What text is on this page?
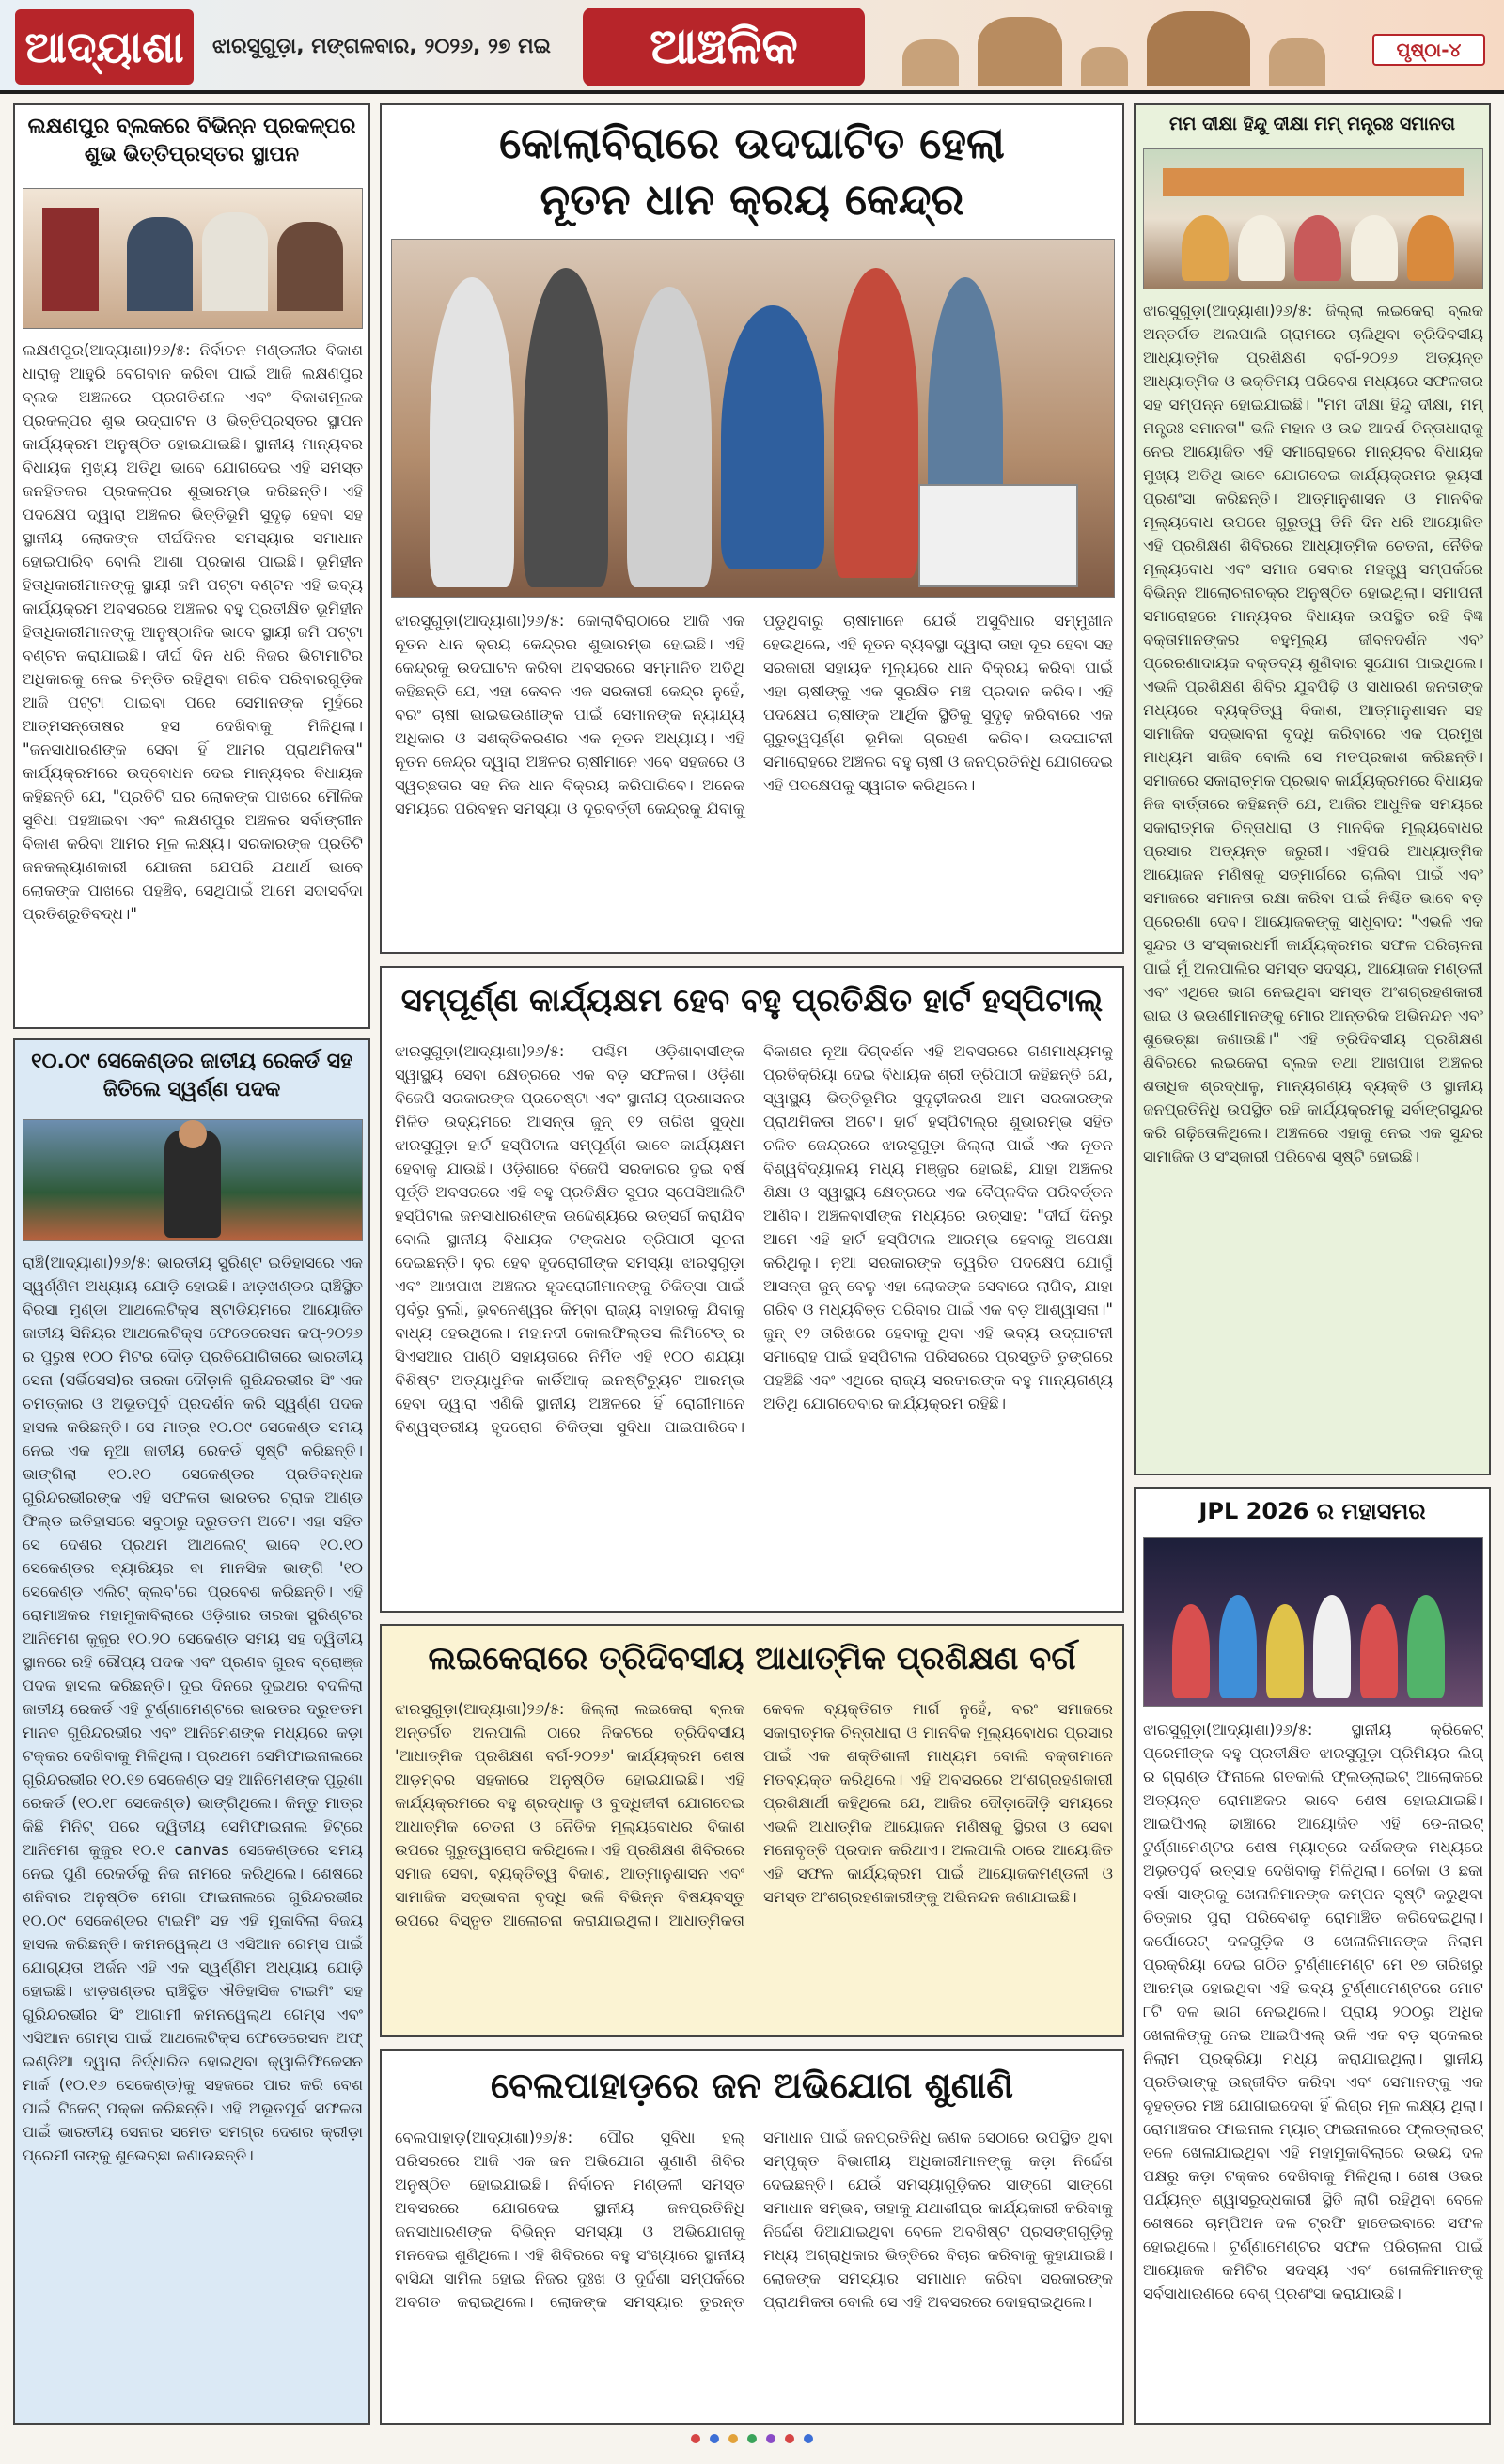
ଆଦ୍ୟାଶା	ଝାରସୁଗୁଡ଼ା, ମଙ୍ଗଳବାର, ୨୦୨୬, ୨୭ ମଇ	ଆଞ୍ଚଳିକ	ପୃଷ୍ଠା-୪
ଲକ୍ଷଣପୁର ବ୍ଲକରେ ବିଭିନ୍ନ ପ୍ରକଳ୍ପର ଶୁଭ ଭିତ୍ତିପ୍ରସ୍ତର ସ୍ଥାପନ
ଲକ୍ଷଣପୁର(ଆଦ୍ୟାଶା)୨୬/୫: ନିର୍ବାଚନ ମଣ୍ଡଳୀର ବିକାଶ ଧାରାକୁ ଆହୁରି ବେଗବାନ କରିବା ପାଇଁ ଆଜି ଲକ୍ଷଣପୁର ବ୍ଲକ ଅଞ୍ଚଳରେ ପ୍ରଗତିଶୀଳ ଏବଂ ବିକାଶମୂଳକ ପ୍ରକଳ୍ପର ଶୁଭ ଉଦ୍‌ଘାଟନ ଓ ଭିତ୍ତିପ୍ରସ୍ତର ସ୍ଥାପନ କାର୍ଯ୍ୟକ୍ରମ ଅନୁଷ୍ଠିତ ହୋଇଯାଇଛି। ସ୍ଥାନୀୟ ମାନ୍ୟବର ବିଧାୟକ ମୁଖ୍ୟ ଅତିଥି ଭାବେ ଯୋଗଦେଇ ଏହି ସମସ୍ତ ଜନହିତକର ପ୍ରକଳ୍ପର ଶୁଭାରମ୍ଭ କରିଛନ୍ତି। ଏହି ପଦକ୍ଷେପ ଦ୍ୱାରା ଅଞ୍ଚଳର ଭିତ୍ତିଭୂମି ସୁଦୃଢ଼ ହେବା ସହ ସ୍ଥାନୀୟ ଲୋକଙ୍କ ଦୀର୍ଘଦିନର ସମସ୍ୟାର ସମାଧାନ ହୋଇପାରିବ ବୋଲି ଆଶା ପ୍ରକାଶ ପାଇଛି। ଭୂମିହୀନ ହିତାଧିକାରୀମାନଙ୍କୁ ସ୍ଥାୟୀ ଜମି ପଟ୍ଟା ବଣ୍ଟନ ଏହି ଭବ୍ୟ କାର୍ଯ୍ୟକ୍ରମ ଅବସରରେ ଅଞ୍ଚଳର ବହୁ ପ୍ରତୀକ୍ଷିତ ଭୂମିହୀନ ହିତାଧିକାରୀମାନଙ୍କୁ ଆନୁଷ୍ଠାନିକ ଭାବେ ସ୍ଥାୟୀ ଜମି ପଟ୍ଟା ବଣ୍ଟନ କରାଯାଇଛି। ଦୀର୍ଘ ଦିନ ଧରି ନିଜର ଭିଟାମାଟିର ଅଧିକାରକୁ ନେଇ ଚିନ୍ତିତ ରହିଥିବା ଗରିବ ପରିବାରଗୁଡ଼ିକ ଆଜି ପଟ୍ଟା ପାଇବା ପରେ ସେମାନଙ୍କ ମୁହଁରେ ଆତ୍ମସନ୍ତୋଷର ହସ ଦେଖିବାକୁ ମିଳିଥିଲା। "ଜନସାଧାରଣଙ୍କ ସେବା ହିଁ ଆମର ପ୍ରାଥମିକତା" କାର୍ଯ୍ୟକ୍ରମରେ ଉଦ୍‌ବୋଧନ ଦେଇ ମାନ୍ୟବର ବିଧାୟକ କହିଛନ୍ତି ଯେ, "ପ୍ରତିଟି ଘର ଲୋକଙ୍କ ପାଖରେ ମୌଳିକ ସୁବିଧା ପହଞ୍ଚାଇବା ଏବଂ ଲକ୍ଷଣପୁର ଅଞ୍ଚଳର ସର୍ବାଙ୍ଗୀନ ବିକାଶ କରିବା ଆମର ମୂଳ ଲକ୍ଷ୍ୟ। ସରକାରଙ୍କ ପ୍ରତିଟି ଜନକଲ୍ୟାଣକାରୀ ଯୋଜନା ଯେପରି ଯଥାର୍ଥ ଭାବେ ଲୋକଙ୍କ ପାଖରେ ପହଞ୍ଚିବ, ସେଥିପାଇଁ ଆମେ ସଦାସର୍ବଦା ପ୍ରତିଶ୍ରୁତିବଦ୍ଧ।"
୧୦.୦୯ ସେକେଣ୍ଡର ଜାତୀୟ ରେକର୍ଡ ସହ ଜିତିଲେ ସ୍ୱର୍ଣ୍ଣ ପଦକ
ରାଞ୍ଚି(ଆଦ୍ୟାଶା)୨୬/୫: ଭାରତୀୟ ସ୍ପ୍ରିଣ୍ଟ ଇତିହାସରେ ଏକ ସ୍ୱର୍ଣ୍ଣିମ ଅଧ୍ୟାୟ ଯୋଡ଼ି ହୋଇଛି। ଝାଡ଼ଖଣ୍ଡର ରାଞ୍ଚିସ୍ଥିତ ବିରସା ମୁଣ୍ଡା ଆଥଲେଟିକ୍ସ ଷ୍ଟାଡିୟମରେ ଆୟୋଜିତ ଜାତୀୟ ସିନିୟର ଆଥଲେଟିକ୍ସ ଫେଡେରେସନ କପ୍-୨୦୨୬ ର ପୁରୁଷ ୧୦୦ ମିଟର ଦୌଡ଼ ପ୍ରତିଯୋଗିତାରେ ଭାରତୀୟ ସେନା (ସର୍ଭିସେସ)ର ତାରକା ଦୌଡ଼ାଳି ଗୁରିନ୍ଦରଭୀର ସିଂ ଏକ ଚମତ୍କାର ଓ ଅଭୂତପୂର୍ବ ପ୍ରଦର୍ଶନ କରି ସ୍ୱର୍ଣ୍ଣ ପଦକ ହାସଲ କରିଛନ୍ତି। ସେ ମାତ୍ର ୧୦.୦୯ ସେକେଣ୍ଡ ସମୟ ନେଇ ଏକ ନୂଆ ଜାତୀୟ ରେକର୍ଡ ସୃଷ୍ଟି କରିଛନ୍ତି। ଭାଙ୍ଗିଲା ୧୦.୧୦ ସେକେଣ୍ଡର ପ୍ରତିବନ୍ଧକ ଗୁରିନ୍ଦରଭୀରଙ୍କ ଏହି ସଫଳତା ଭାରତର ଟ୍ରାକ ଆଣ୍ଡ ଫିଲ୍ଡ ଇତିହାସରେ ସବୁଠାରୁ ଦ୍ରୁତତମ ଅଟେ। ଏହା ସହିତ ସେ ଦେଶର ପ୍ରଥମ ଆଥଲେଟ୍ ଭାବେ ୧୦.୧୦ ସେକେଣ୍ଡର ବ୍ୟାରିୟର ବା ମାନସିକ ଭାଙ୍ଗି '୧୦ ସେକେଣ୍ଡ ଏଲିଟ୍ କ୍ଲବ'ରେ ପ୍ରବେଶ କରିଛନ୍ତି। ଏହି ରୋମାଞ୍ଚକର ମହାମୁକାବିଲାରେ ଓଡ଼ିଶାର ତାରକା ସ୍ପ୍ରିଣ୍ଟର ଆନିମେଶ କୁଜୁର ୧୦.୨୦ ସେକେଣ୍ଡ ସମୟ ସହ ଦ୍ୱିତୀୟ ସ୍ଥାନରେ ରହି ରୌପ୍ୟ ପଦକ ଏବଂ ପ୍ରଣବ ଗୁରବ ବ୍ରୋଞ୍ଜ ପଦକ ହାସଲ କରିଛନ୍ତି। ଦୁଇ ଦିନରେ ଦୁଇଥର ବଦଳିଲା ଜାତୀୟ ରେକର୍ଡ ଏହି ଟୁର୍ଣ୍ଣାମେଣ୍ଟରେ ଭାରତର ଦ୍ରୁତତମ ମାନବ ଗୁରିନ୍ଦରଭୀର ଏବଂ ଆନିମେଶଙ୍କ ମଧ୍ୟରେ କଡ଼ା ଟକ୍କର ଦେଖିବାକୁ ମିଳିଥିଲା। ପ୍ରଥମେ ସେମିଫାଇନାଲରେ ଗୁରିନ୍ଦରଭୀର ୧୦.୧୭ ସେକେଣ୍ଡ ସହ ଆନିମେଶଙ୍କ ପୁରୁଣା ରେକର୍ଡ (୧୦.୧୮ ସେକେଣ୍ଡ) ଭାଙ୍ଗିଥିଲେ। କିନ୍ତୁ ମାତ୍ର କିଛି ମିନିଟ୍ ପରେ ଦ୍ୱିତୀୟ ସେମିଫାଇନାଲ ହିଟ୍‌ରେ ଆନିମେଶ କୁଜୁର ୧୦.୧ canvas ସେକେଣ୍ଡରେ ସମୟ ନେଇ ପୁଣି ରେକର୍ଡକୁ ନିଜ ନାମରେ କରିଥିଲେ। ଶେଷରେ ଶନିବାର ଅନୁଷ୍ଠିତ ମେଗା ଫାଇନାଲରେ ଗୁରିନ୍ଦରଭୀର ୧୦.୦୯ ସେକେଣ୍ଡର ଟାଇମିଂ ସହ ଏହି ମୁକାବିଲା ବିଜୟ ହାସଲ କରିଛନ୍ତି। କମନୱେଲ୍ଥ ଓ ଏସିଆନ ଗେମ୍ସ ପାଇଁ ଯୋଗ୍ୟତା ଅର୍ଜନ ଏହି ଏକ ସ୍ୱର୍ଣ୍ଣିମ ଅଧ୍ୟାୟ ଯୋଡ଼ି ହୋଇଛି। ଝାଡ଼ଖଣ୍ଡର ରାଞ୍ଚିସ୍ଥିତ ଐତିହାସିକ ଟାଇମିଂ ସହ ଗୁରିନ୍ଦରଭୀର ସିଂ ଆଗାମୀ କମନୱେଲ୍ଥ ଗେମ୍ସ ଏବଂ ଏସିଆନ ଗେମ୍ସ ପାଇଁ ଆଥଲେଟିକ୍ସ ଫେଡେରେସନ ଅଫ୍ ଇଣ୍ଡିଆ ଦ୍ୱାରା ନିର୍ଦ୍ଧାରିତ ହୋଇଥିବା କ୍ୱାଲିଫିକେସନ ମାର୍କ (୧୦.୧୬ ସେକେଣ୍ଡ)କୁ ସହଜରେ ପାର କରି ବେଶ ପାଇଁ ଟିକେଟ୍ ପକ୍କା କରିଛନ୍ତି। ଏହି ଅଭୂତପୂର୍ବ ସଫଳତା ପାଇଁ ଭାରତୀୟ ସେନାର ସମେତ ସମଗ୍ର ଦେଶର କ୍ରୀଡ଼ା ପ୍ରେମୀ ତାଙ୍କୁ ଶୁଭେଚ୍ଛା ଜଣାଉଛନ୍ତି।
କୋଲାବିରାରେ ଉଦଘାଟିତ ହେଲା
ନୂତନ ଧାନ କ୍ରୟ କେନ୍ଦ୍ର
ଝାରସୁଗୁଡ଼ା(ଆଦ୍ୟାଶା)୨୬/୫: କୋଲାବିରାଠାରେ ଆଜି ଏକ ନୂତନ ଧାନ କ୍ରୟ କେନ୍ଦ୍ରର ଶୁଭାରମ୍ଭ ହୋଇଛି। ଏହି କେନ୍ଦ୍ରକୁ ଉଦଘାଟନ କରିବା ଅବସରରେ ସମ୍ମାନିତ ଅତିଥି କହିଛନ୍ତି ଯେ, ଏହା କେବଳ ଏକ ସରକାରୀ କେନ୍ଦ୍ର ନୁହେଁ, ବରଂ ଚାଷୀ ଭାଇଭଉଣୀଙ୍କ ପାଇଁ ସେମାନଙ୍କ ନ୍ୟାଯ୍ୟ ଅଧିକାର ଓ ସଶକ୍ତିକରଣର ଏକ ନୂତନ ଅଧ୍ୟାୟ। ଏହି ନୂତନ କେନ୍ଦ୍ର ଦ୍ୱାରା ଅଞ୍ଚଳର ଚାଷୀମାନେ ଏବେ ସହଜରେ ଓ ସ୍ୱଚ୍ଛତାର ସହ ନିଜ ଧାନ ବିକ୍ରୟ କରିପାରିବେ। ଅନେକ ସମୟରେ ପରିବହନ ସମସ୍ୟା ଓ ଦୂରବର୍ତ୍ତୀ କେନ୍ଦ୍ରକୁ ଯିବାକୁ ପଡୁଥିବାରୁ ଚାଷୀମାନେ ଯେଉଁ ଅସୁବିଧାର ସମ୍ମୁଖୀନ ହେଉଥିଲେ, ଏହି ନୂତନ ବ୍ୟବସ୍ଥା ଦ୍ୱାରା ତାହା ଦୂର ହେବା ସହ ସରକାରୀ ସହାୟକ ମୂଲ୍ୟରେ ଧାନ ବିକ୍ରୟ କରିବା ପାଇଁ ଏହା ଚାଷୀଙ୍କୁ ଏକ ସୁରକ୍ଷିତ ମଞ୍ଚ ପ୍ରଦାନ କରିବ। ଏହି ପଦକ୍ଷେପ ଚାଷୀଙ୍କ ଆର୍ଥିକ ସ୍ଥିତିକୁ ସୁଦୃଢ଼ କରିବାରେ ଏକ ଗୁରୁତ୍ୱପୂର୍ଣ୍ଣ ଭୂମିକା ଗ୍ରହଣ କରିବ। ଉଦଘାଟନୀ ସମାରୋହରେ ଅଞ୍ଚଳର ବହୁ ଚାଷୀ ଓ ଜନପ୍ରତିନିଧି ଯୋଗଦେଇ ଏହି ପଦକ୍ଷେପକୁ ସ୍ୱାଗତ କରିଥିଲେ।
ସମ୍ପୂର୍ଣ୍ଣ କାର୍ଯ୍ୟକ୍ଷମ ହେବ ବହୁ ପ୍ରତିକ୍ଷିତ ହାର୍ଟ ହସ୍ପିଟାଲ୍
ଝାରସୁଗୁଡ଼ା(ଆଦ୍ୟାଶା)୨୬/୫: ପଶ୍ଚିମ ଓଡ଼ିଶାବାସୀଙ୍କ ସ୍ୱାସ୍ଥ୍ୟ ସେବା କ୍ଷେତ୍ରରେ ଏକ ବଡ଼ ସଫଳତା। ଓଡ଼ିଶା ବିଜେପି ସରକାରଙ୍କ ପ୍ରଚେଷ୍ଟା ଏବଂ ସ୍ଥାନୀୟ ପ୍ରଶାସନର ମିଳିତ ଉଦ୍ୟମରେ ଆସନ୍ତା ଜୁନ୍ ୧୨ ତାରିଖ ସୁଦ୍ଧା ଝାରସୁଗୁଡ଼ା ହାର୍ଟ ହସ୍ପିଟାଲ ସମ୍ପୂର୍ଣ୍ଣ ଭାବେ କାର୍ଯ୍ୟକ୍ଷମ ହେବାକୁ ଯାଉଛି। ଓଡ଼ିଶାରେ ବିଜେପି ସରକାରର ଦୁଇ ବର୍ଷ ପୂର୍ତ୍ତି ଅବସରରେ ଏହି ବହୁ ପ୍ରତିକ୍ଷିତ ସୁପର ସ୍ପେସିଆଲିଟି ହସ୍ପିଟାଲ ଜନସାଧାରଣଙ୍କ ଉଦ୍ଦେଶ୍ୟରେ ଉତ୍ସର୍ଗ କରାଯିବ ବୋଲି ସ୍ଥାନୀୟ ବିଧାୟକ ଟଙ୍କଧର ତ୍ରିପାଠୀ ସୂଚନା ଦେଇଛନ୍ତି। ଦୂର ହେବ ହୃଦରୋଗୀଙ୍କ ସମସ୍ୟା ଝାରସୁଗୁଡ଼ା ଏବଂ ଆଖପାଖ ଅଞ୍ଚଳର ହୃଦରୋଗୀମାନଙ୍କୁ ଚିକିତ୍ସା ପାଇଁ ପୂର୍ବରୁ ବୁର୍ଲା, ଭୁବନେଶ୍ୱର କିମ୍ବା ରାଜ୍ୟ ବାହାରକୁ ଯିବାକୁ ବାଧ୍ୟ ହେଉଥିଲେ। ମହାନଦୀ କୋଲଫିଲ୍ଡସ ଲିମିଟେଡ୍ ର ସିଏସଆର ପାଣ୍ଠି ସହାୟତାରେ ନିର୍ମିତ ଏହି ୧୦୦ ଶଯ୍ୟା ବିଶିଷ୍ଟ ଅତ୍ୟାଧୁନିକ କାର୍ଡିଆକ୍ ଇନଷ୍ଟିଚ୍ୟୁଟ ଆରମ୍ଭ ହେବା ଦ୍ୱାରା ଏଣିକି ସ୍ଥାନୀୟ ଅଞ୍ଚଳରେ ହିଁ ରୋଗୀମାନେ ବିଶ୍ୱସ୍ତରୀୟ ହୃଦରୋଗ ଚିକିତ୍ସା ସୁବିଧା ପାଇପାରିବେ। ବିକାଶର ନୂଆ ଦିଗ୍‌ଦର୍ଶନ ଏହି ଅବସରରେ ଗଣମାଧ୍ୟମକୁ ପ୍ରତିକ୍ରିୟା ଦେଇ ବିଧାୟକ ଶ୍ରୀ ତ୍ରିପାଠୀ କହିଛନ୍ତି ଯେ, ସ୍ୱାସ୍ଥ୍ୟ ଭିତ୍ତିଭୂମିର ସୁଦୃଢ଼ୀକରଣ ଆମ ସରକାରଙ୍କ ପ୍ରାଥମିକତା ଅଟେ। ହାର୍ଟ ହସ୍ପିଟାଲ୍‌ର ଶୁଭାରମ୍ଭ ସହିତ ଚଳିତ ଜେନ୍ଦ୍ରରେ ଝାରସୁଗୁଡ଼ା ଜିଲ୍ଲା ପାଇଁ ଏକ ନୂତନ ବିଶ୍ୱବିଦ୍ୟାଳୟ ମଧ୍ୟ ମଞ୍ଜୁର ହୋଇଛି, ଯାହା ଅଞ୍ଚଳର ଶିକ୍ଷା ଓ ସ୍ୱାସ୍ଥ୍ୟ କ୍ଷେତ୍ରରେ ଏକ ବୈପ୍ଳବିକ ପରିବର୍ତ୍ତନ ଆଣିବ। ଅଞ୍ଚଳବାସୀଙ୍କ ମଧ୍ୟରେ ଉତ୍ସାହ: "ଦୀର୍ଘ ଦିନରୁ ଆମେ ଏହି ହାର୍ଟ ହସ୍ପିଟାଲ ଆରମ୍ଭ ହେବାକୁ ଅପେକ୍ଷା କରିଥିଲୁ। ନୂଆ ସରକାରଙ୍କ ତ୍ୱରିତ ପଦକ୍ଷେପ ଯୋଗୁଁ ଆସନ୍ତା ଜୁନ୍ ବେଳୁ ଏହା ଲୋକଙ୍କ ସେବାରେ ଲାଗିବ, ଯାହା ଗରିବ ଓ ମଧ୍ୟବିତ୍ତ ପରିବାର ପାଇଁ ଏକ ବଡ଼ ଆଶ୍ୱାସନା।" ଜୁନ୍ ୧୨ ତାରିଖରେ ହେବାକୁ ଥିବା ଏହି ଭବ୍ୟ ଉଦ୍‌ଘାଟନୀ ସମାରୋହ ପାଇଁ ହସ୍ପିଟାଲ ପରିସରରେ ପ୍ରସ୍ତୁତି ତୁଙ୍ଗରେ ପହଞ୍ଚିଛି ଏବଂ ଏଥିରେ ରାଜ୍ୟ ସରକାରଙ୍କ ବହୁ ମାନ୍ୟଗଣ୍ୟ ଅତିଥି ଯୋଗଦେବାର କାର୍ଯ୍ୟକ୍ରମ ରହିଛି।
ଲଇକେରାରେ ତ୍ରିଦିବସୀୟ ଆଧାତ୍ମିକ ପ୍ରଶିକ୍ଷଣ ବର୍ଗ
ଝାରସୁଗୁଡ଼ା(ଆଦ୍ୟାଶା)୨୬/୫: ଜିଲ୍ଲା ଲଇକେରା ବ୍ଲକ ଅନ୍ତର୍ଗତ ଅଲପାଲି ଠାରେ ନିକଟରେ ତ୍ରିଦିବସୀୟ 'ଆଧାତ୍ମିକ ପ୍ରଶିକ୍ଷଣ ବର୍ଗ-୨୦୨୬' କାର୍ଯ୍ୟକ୍ରମ ଶେଷ ଆଡ଼ମ୍ବର ସହକାରେ ଅନୁଷ୍ଠିତ ହୋଇଯାଇଛି। ଏହି କାର୍ଯ୍ୟକ୍ରମରେ ବହୁ ଶ୍ରଦ୍ଧାଳୁ ଓ ବୁଦ୍ଧିଜୀବୀ ଯୋଗଦେଇ ଆଧାତ୍ମିକ ଚେତନା ଓ ନୈତିକ ମୂଲ୍ୟବୋଧର ବିକାଶ ଉପରେ ଗୁରୁତ୍ୱାରୋପ କରିଥିଲେ। ଏହି ପ୍ରଶିକ୍ଷଣ ଶିବିରରେ ସମାଜ ସେବା, ବ୍ୟକ୍ତିତ୍ୱ ବିକାଶ, ଆତ୍ମାନୁଶାସନ ଏବଂ ସାମାଜିକ ସଦ୍ଭାବନା ବୃଦ୍ଧି ଭଳି ବିଭିନ୍ନ ବିଷୟବସ୍ତୁ ଉପରେ ବିସ୍ତୃତ ଆଲୋଚନା କରାଯାଇଥିଲା। ଆଧାତ୍ମିକତା କେବଳ ବ୍ୟକ୍ତିଗତ ମାର୍ଗ ନୁହେଁ, ବରଂ ସମାଜରେ ସକାରାତ୍ମକ ଚିନ୍ତାଧାରା ଓ ମାନବିକ ମୂଲ୍ୟବୋଧର ପ୍ରସାର ପାଇଁ ଏକ ଶକ୍ତିଶାଳୀ ମାଧ୍ୟମ ବୋଲି ବକ୍ତାମାନେ ମତବ୍ୟକ୍ତ କରିଥିଲେ। ଏହି ଅବସରରେ ଅଂଶଗ୍ରହଣକାରୀ ପ୍ରଶିକ୍ଷାର୍ଥୀ କହିଥିଲେ ଯେ, ଆଜିର ଦୌଡ଼ାଦୌଡ଼ି ସମୟରେ ଏଭଳି ଆଧାତ୍ମିକ ଆୟୋଜନ ମଣିଷକୁ ସ୍ଥିରତା ଓ ସେବା ମନୋବୃତ୍ତି ପ୍ରଦାନ କରିଥାଏ। ଅଲପାଲି ଠାରେ ଆୟୋଜିତ ଏହି ସଫଳ କାର୍ଯ୍ୟକ୍ରମ ପାଇଁ ଆୟୋଜକମଣ୍ଡଳୀ ଓ ସମସ୍ତ ଅଂଶଗ୍ରହଣକାରୀଙ୍କୁ ଅଭିନନ୍ଦନ ଜଣାଯାଇଛି।
ବେଲପାହାଡ଼ରେ ଜନ ଅଭିଯୋଗ ଶୁଣାଣି
ବେଲପାହାଡ଼(ଆଦ୍ୟାଶା)୨୬/୫: ପୌର ସୁବିଧା ହଲ୍ ପରିସରରେ ଆଜି ଏକ ଜନ ଅଭିଯୋଗ ଶୁଣାଣି ଶିବିର ଅନୁଷ୍ଠିତ ହୋଇଯାଇଛି। ନିର୍ବାଚନ ମଣ୍ଡଳୀ ସମସ୍ତ ଅବସରରେ ଯୋଗଦେଇ ସ୍ଥାନୀୟ ଜନପ୍ରତିନିଧି ଜନସାଧାରଣଙ୍କ ବିଭିନ୍ନ ସମସ୍ୟା ଓ ଅଭିଯୋଗକୁ ମନଦେଇ ଶୁଣିଥିଲେ। ଏହି ଶିବିରରେ ବହୁ ସଂଖ୍ୟାରେ ସ୍ଥାନୀୟ ବାସିନ୍ଦା ସାମିଲ ହୋଇ ନିଜର ଦୁଃଖ ଓ ଦୁର୍ଦ୍ଦଶା ସମ୍ପର୍କରେ ଅବଗତ କରାଇଥିଲେ। ଲୋକଙ୍କ ସମସ୍ୟାର ତୁରନ୍ତ ସମାଧାନ ପାଇଁ ଜନପ୍ରତିନିଧି ଜଣକ ସେଠାରେ ଉପସ୍ଥିତ ଥିବା ସମ୍ପୃକ୍ତ ବିଭାଗୀୟ ଅଧିକାରୀମାନଙ୍କୁ କଡ଼ା ନିର୍ଦ୍ଦେଶ ଦେଇଛନ୍ତି। ଯେଉଁ ସମସ୍ୟାଗୁଡ଼ିକର ସାଙ୍ଗେ ସାଙ୍ଗେ ସମାଧାନ ସମ୍ଭବ, ତାହାକୁ ଯଥାଶୀଘ୍ର କାର୍ଯ୍ୟକାରୀ କରିବାକୁ ନିର୍ଦ୍ଦେଶ ଦିଆଯାଇଥିବା ବେଳେ ଅବଶିଷ୍ଟ ପ୍ରସଙ୍ଗଗୁଡ଼ିକୁ ମଧ୍ୟ ଅଗ୍ରାଧିକାର ଭିତ୍ତିରେ ବିଚାର କରିବାକୁ କୁହାଯାଇଛି। ଲୋକଙ୍କ ସମସ୍ୟାର ସମାଧାନ କରିବା ସରକାରଙ୍କ ପ୍ରାଥମିକତା ବୋଲି ସେ ଏହି ଅବସରରେ ଦୋହରାଇଥିଲେ।
ମମ ଦୀକ୍ଷା ହିନ୍ଦୁ ଦୀକ୍ଷା ମମ୍ ମନ୍ତ୍ରଃ ସମାନତା
ଝାରସୁଗୁଡ଼ା(ଆଦ୍ୟାଶା)୨୬/୫: ଜିଲ୍ଲା ଲଇକେରା ବ୍ଲକ ଅନ୍ତର୍ଗତ ଅଲପାଲି ଗ୍ରାମରେ ଚାଲିଥିବା ତ୍ରିଦିବସୀୟ ଆଧ୍ୟାତ୍ମିକ ପ୍ରଶିକ୍ଷଣ ବର୍ଗ-୨୦୨୬ ଅତ୍ୟନ୍ତ ଆଧ୍ୟାତ୍ମିକ ଓ ଭକ୍ତିମୟ ପରିବେଶ ମଧ୍ୟରେ ସଫଳତାର ସହ ସମ୍ପନ୍ନ ହୋଇଯାଇଛି। "ମମ ଦୀକ୍ଷା ହିନ୍ଦୁ ଦୀକ୍ଷା, ମମ୍ ମନ୍ତ୍ରଃ ସମାନତା" ଭଳି ମହାନ ଓ ଉଚ୍ଚ ଆଦର୍ଶ ଚିନ୍ତାଧାରାକୁ ନେଇ ଆୟୋଜିତ ଏହି ସମାରୋହରେ ମାନ୍ୟବର ବିଧାୟକ ମୁଖ୍ୟ ଅତିଥି ଭାବେ ଯୋଗଦେଇ କାର୍ଯ୍ୟକ୍ରମର ଭୂୟସୀ ପ୍ରଶଂସା କରିଛନ୍ତି। ଆତ୍ମାନୁଶାସନ ଓ ମାନବିକ ମୂଲ୍ୟବୋଧ ଉପରେ ଗୁରୁତ୍ୱ ତିନି ଦିନ ଧରି ଆୟୋଜିତ ଏହି ପ୍ରଶିକ୍ଷଣ ଶିବିରରେ ଆଧ୍ୟାତ୍ମିକ ଚେତନା, ନୈତିକ ମୂଲ୍ୟବୋଧ ଏବଂ ସମାଜ ସେବାର ମହତ୍ତ୍ୱ ସମ୍ପର୍କରେ ବିଭିନ୍ନ ଆଲୋଚନାଚକ୍ର ଅନୁଷ୍ଠିତ ହୋଇଥିଲା। ସମାପନୀ ସମାରୋହରେ ମାନ୍ୟବର ବିଧାୟକ ଉପସ୍ଥିତ ରହି ବିଜ୍ଞ ବକ୍ତାମାନଙ୍କର ବହୁମୂଲ୍ୟ ଜୀବନଦର୍ଶନ ଏବଂ ପ୍ରେରଣାଦାୟକ ବକ୍ତବ୍ୟ ଶୁଣିବାର ସୁଯୋଗ ପାଇଥିଲେ। ଏଭଳି ପ୍ରଶିକ୍ଷଣ ଶିବିର ଯୁବପିଢ଼ି ଓ ସାଧାରଣ ଜନତାଙ୍କ ମଧ୍ୟରେ ବ୍ୟକ୍ତିତ୍ୱ ବିକାଶ, ଆତ୍ମାନୁଶାସନ ସହ ସାମାଜିକ ସଦ୍ଭାବନା ବୃଦ୍ଧି କରିବାରେ ଏକ ପ୍ରମୁଖ ମାଧ୍ୟମ ସାଜିବ ବୋଲି ସେ ମତପ୍ରକାଶ କରିଛନ୍ତି। ସମାଜରେ ସକାରାତ୍ମକ ପ୍ରଭାବ କାର୍ଯ୍ୟକ୍ରମରେ ବିଧାୟକ ନିଜ ବାର୍ତ୍ତାରେ କହିଛନ୍ତି ଯେ, ଆଜିର ଆଧୁନିକ ସମୟରେ ସକାରାତ୍ମକ ଚିନ୍ତାଧାରା ଓ ମାନବିକ ମୂଲ୍ୟବୋଧର ପ୍ରସାର ଅତ୍ୟନ୍ତ ଜରୁରୀ। ଏହିପରି ଆଧ୍ୟାତ୍ମିକ ଆୟୋଜନ ମଣିଷକୁ ସତ୍‌ମାର୍ଗରେ ଚାଲିବା ପାଇଁ ଏବଂ ସମାଜରେ ସମାନତା ରକ୍ଷା କରିବା ପାଇଁ ନିଶ୍ଚିତ ଭାବେ ବଡ଼ ପ୍ରେରଣା ଦେବ। ଆୟୋଜକଙ୍କୁ ସାଧୁବାଦ: "ଏଭଳି ଏକ ସୁନ୍ଦର ଓ ସଂସ୍କାରଧର୍ମୀ କାର୍ଯ୍ୟକ୍ରମର ସଫଳ ପରିଚାଳନା ପାଇଁ ମୁଁ ଅଲପାଲିର ସମସ୍ତ ସଦସ୍ୟ, ଆୟୋଜକ ମଣ୍ଡଳୀ ଏବଂ ଏଥିରେ ଭାଗ ନେଇଥିବା ସମସ୍ତ ଅଂଶଗ୍ରହଣକାରୀ ଭାଇ ଓ ଭଉଣୀମାନଙ୍କୁ ମୋର ଆନ୍ତରିକ ଅଭିନନ୍ଦନ ଏବଂ ଶୁଭେଚ୍ଛା ଜଣାଉଛି।" ଏହି ତ୍ରିଦିବସୀୟ ପ୍ରଶିକ୍ଷଣ ଶିବିରରେ ଲଇକେରା ବ୍ଲକ ତଥା ଆଖପାଖ ଅଞ୍ଚଳର ଶତାଧିକ ଶ୍ରଦ୍ଧାଳୁ, ମାନ୍ୟଗଣ୍ୟ ବ୍ୟକ୍ତି ଓ ସ୍ଥାନୀୟ ଜନପ୍ରତିନିଧି ଉପସ୍ଥିତ ରହି କାର୍ଯ୍ୟକ୍ରମକୁ ସର୍ବାଙ୍ଗସୁନ୍ଦର କରି ଗଢ଼ିତୋଳିଥିଲେ। ଅଞ୍ଚଳରେ ଏହାକୁ ନେଇ ଏକ ସୁନ୍ଦର ସାମାଜିକ ଓ ସଂସ୍କାରୀ ପରିବେଶ ସୃଷ୍ଟି ହୋଇଛି।
JPL 2026 ର ମହାସମର
ଝାରସୁଗୁଡ଼ା(ଆଦ୍ୟାଶା)୨୬/୫: ସ୍ଥାନୀୟ କ୍ରିକେଟ୍ ପ୍ରେମୀଙ୍କ ବହୁ ପ୍ରତୀକ୍ଷିତ ଝାରସୁଗୁଡ଼ା ପ୍ରିମିୟର ଲିଗ୍ ର ଗ୍ରାଣ୍ଡ ଫିନାଲେ ଗତକାଲି ଫ୍ଲଡ୍‌ଲାଇଟ୍ ଆଲୋକରେ ଅତ୍ୟନ୍ତ ରୋମାଞ୍ଚକର ଭାବେ ଶେଷ ହୋଇଯାଇଛି। ଆଇପିଏଲ୍ ଢାଞ୍ଚାରେ ଆୟୋଜିତ ଏହି ଡେ-ନାଇଟ୍ ଟୁର୍ଣ୍ଣାମେଣ୍ଟର ଶେଷ ମ୍ୟାଚ୍‌ରେ ଦର୍ଶକଙ୍କ ମଧ୍ୟରେ ଅଭୂତପୂର୍ବ ଉତ୍ସାହ ଦେଖିବାକୁ ମିଳିଥିଲା। ଚୌକା ଓ ଛକା ବର୍ଷା ସାଙ୍ଗକୁ ଖେଳାଳିମାନଙ୍କ କମ୍ପନ ସୃଷ୍ଟି କରୁଥିବା ଚିତ୍କାର ପୁରା ପରିବେଶକୁ ରୋମାଞ୍ଚିତ କରିଦେଇଥିଲା। କର୍ପୋରେଟ୍ ଦଳଗୁଡ଼ିକ ଓ ଖେଳାଳିମାନଙ୍କ ନିଲାମ ପ୍ରକ୍ରିୟା ଦେଇ ଗଠିତ ଟୁର୍ଣ୍ଣାମେଣ୍ଟ ମେ ୧୭ ତାରିଖରୁ ଆରମ୍ଭ ହୋଇଥିବା ଏହି ଭବ୍ୟ ଟୁର୍ଣ୍ଣାମେଣ୍ଟରେ ମୋଟ ୮ଟି ଦଳ ଭାଗ ନେଇଥିଲେ। ପ୍ରାୟ ୨୦୦ରୁ ଅଧିକ ଖେଳାଳିଙ୍କୁ ନେଇ ଆଇପିଏଲ୍ ଭଳି ଏକ ବଡ଼ ସ୍କେଲର ନିଲାମ ପ୍ରକ୍ରିୟା ମଧ୍ୟ କରାଯାଇଥିଲା। ସ୍ଥାନୀୟ ପ୍ରତିଭାଙ୍କୁ ଉଜ୍ଜୀବିତ କରିବା ଏବଂ ସେମାନଙ୍କୁ ଏକ ବୃହତ୍ତର ମଞ୍ଚ ଯୋଗାଇଦେବା ହିଁ ଲିଗ୍‌ର ମୂଳ ଲକ୍ଷ୍ୟ ଥିଲା। ରୋମାଞ୍ଚକର ଫାଇନାଲ ମ୍ୟାଚ୍ ଫାଇନାଲରେ ଫ୍ଲଡ୍‌ଲାଇଟ୍ ତଳେ ଖେଳାଯାଇଥିବା ଏହି ମହାମୁକାବିଲାରେ ଉଭୟ ଦଳ ପକ୍ଷରୁ କଡ଼ା ଟକ୍କର ଦେଖିବାକୁ ମିଳିଥିଲା। ଶେଷ ଓଭର ପର୍ଯ୍ୟନ୍ତ ଶ୍ୱାସରୁଦ୍ଧକାରୀ ସ୍ଥିତି ଲାଗି ରହିଥିବା ବେଳେ ଶେଷରେ ଚାମ୍ପିଅନ ଦଳ ଟ୍ରଫି ହାତେଇବାରେ ସଫଳ ହୋଇଥିଲେ। ଟୁର୍ଣ୍ଣାମେଣ୍ଟର ସଫଳ ପରିଚାଳନା ପାଇଁ ଆୟୋଜକ କମିଟିର ସଦସ୍ୟ ଏବଂ ଖେଳାଳିମାନଙ୍କୁ ସର୍ବସାଧାରଣରେ ବେଶ୍ ପ୍ରଶଂସା କରାଯାଉଛି।
